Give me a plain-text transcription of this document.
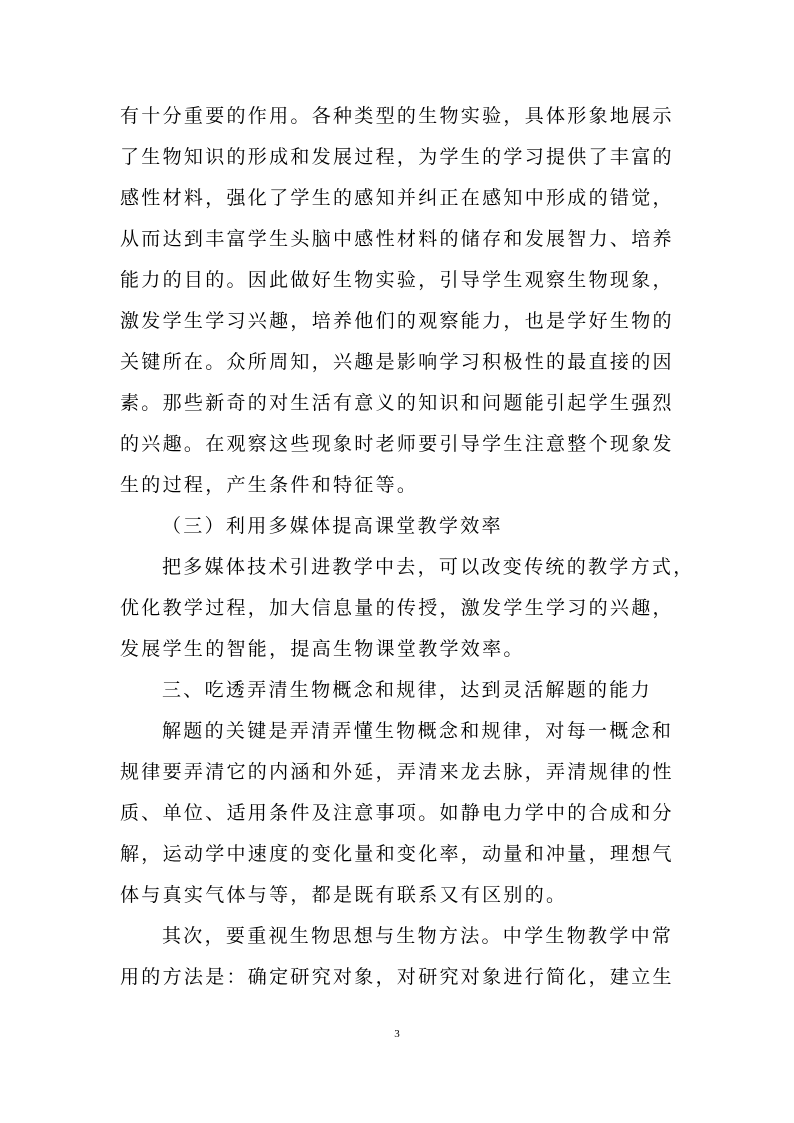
有十分重要的作用。各种类型的生物实验，具体形象地展示
了生物知识的形成和发展过程，为学生的学习提供了丰富的
感性材料，强化了学生的感知并纠正在感知中形成的错觉，
从而达到丰富学生头脑中感性材料的储存和发展智力、培养
能力的目的。因此做好生物实验，引导学生观察生物现象，
激发学生学习兴趣，培养他们的观察能力，也是学好生物的
关键所在。众所周知，兴趣是影响学习积极性的最直接的因
素。那些新奇的对生活有意义的知识和问题能引起学生强烈
的兴趣。在观察这些现象时老师要引导学生注意整个现象发
生的过程，产生条件和特征等。
（三）利用多媒体提高课堂教学效率
把多媒体技术引进教学中去，可以改变传统的教学方式，
优化教学过程，加大信息量的传授，激发学生学习的兴趣，
发展学生的智能，提高生物课堂教学效率。
三、吃透弄清生物概念和规律，达到灵活解题的能力
解题的关键是弄清弄懂生物概念和规律，对每一概念和
规律要弄清它的内涵和外延，弄清来龙去脉，弄清规律的性
质、单位、适用条件及注意事项。如静电力学中的合成和分
解，运动学中速度的变化量和变化率，动量和冲量，理想气
体与真实气体与等，都是既有联系又有区别的。
其次，要重视生物思想与生物方法。中学生物教学中常
用的方法是：确定研究对象，对研究对象进行简化，建立生
3
